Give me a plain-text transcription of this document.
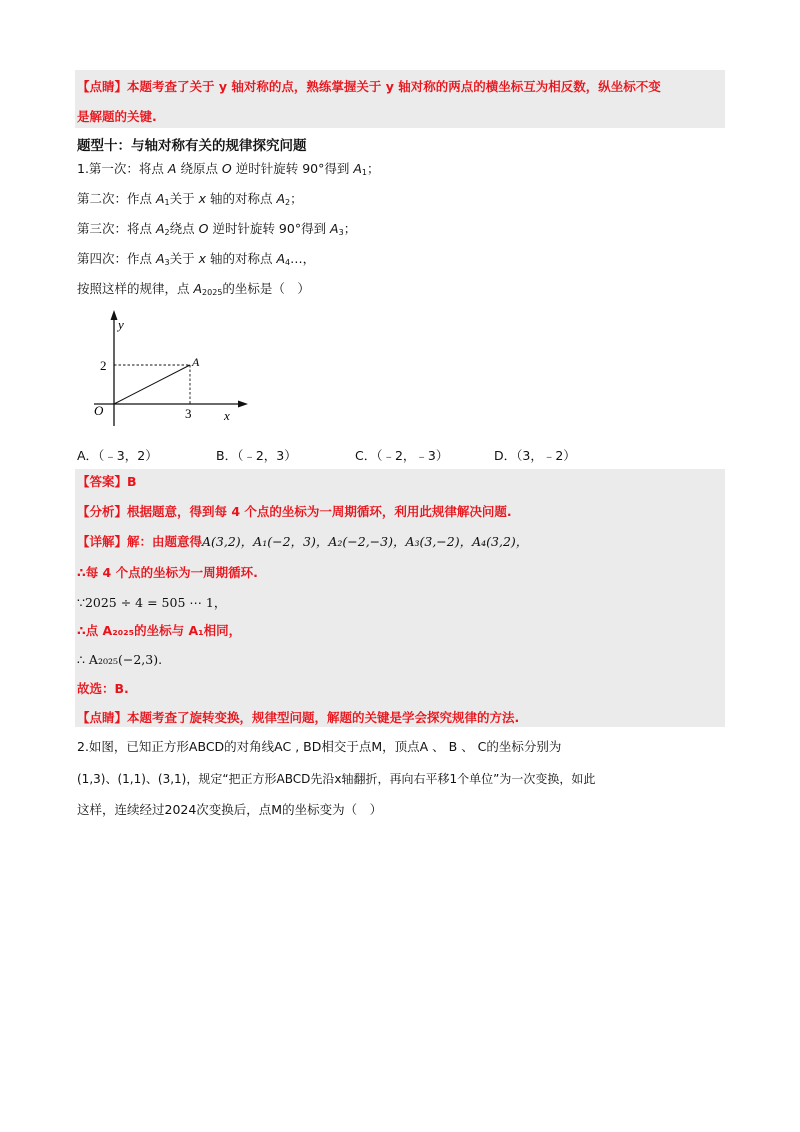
【点睛】本题考查了关于 y 轴对称的点，熟练掌握关于 y 轴对称的两点的横坐标互为相反数，纵坐标不变
是解题的关键.
题型十：与轴对称有关的规律探究问题
1.第一次：将点 A 绕原点 O 逆时针旋转 90°得到 $A_1$；
第二次：作点 $A_1$关于 x 轴的对称点 $A_2$；
第三次：将点 $A_2$绕点 O 逆时针旋转 90°得到 $A_3$；
第四次：作点 $A_3$关于 x 轴的对称点 $A_4\dots$，
按照这样的规律，点 $A_{2025}$的坐标是（　）
y
x
O
A
2
3
A．（﹣3，2）	B．（﹣2，3）	C．（﹣2，﹣3）	D．（3，﹣2）
【答案】B
【分析】根据题意，得到每 4 个点的坐标为一周期循环，利用此规律解决问题.
【详解】解：由题意得A(3,2)，A₁(−2，3)，A₂(−2,−3)，A₃(3,−2)，A₄(3,2)，
∴每 4 个点的坐标为一周期循环.
∵2025 ÷ 4 = 505 ⋯ 1，
∴点 A₂₀₂₅的坐标与 A₁相同，
∴ A₂₀₂₅(−2,3).
故选：B.
【点睛】本题考查了旋转变换，规律型问题，解题的关键是学会探究规律的方法.
2.如图，已知正方形ABCD的对角线AC , BD相交于点M，顶点A 、 B 、 C的坐标分别为
(1,3)、(1,1)、(3,1)，规定“把正方形ABCD先沿x轴翻折，再向右平移1个单位”为一次变换，如此
这样，连续经过2024次变换后，点M的坐标变为（　）
